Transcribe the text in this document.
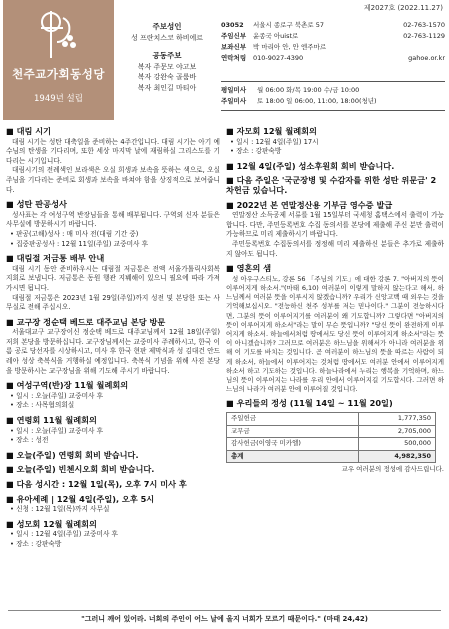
천주교가회동성당
1949년 설립
제2027호 (2022.11.27)
주보성인
성 프란치스코 하비에르
공동주보
복자 주문모 야고보
복자 강완숙 골룸바
복자 최인길 마티아
03052	서울시 종로구 북촌로 57	02-763-1570
주임신부	윤종국 아uist로	02-763-1129
보좌신부	박 마리아 안, 안 엔주마르
연락처링	010-9027-4390	gahoe.or.kr
평일미사	월 06:00 화/목 19:00 수/금 10:00
주일미사	토 18:00 일 06:00, 11:00, 18:00(청년)
■ 대림 시기
대림 시기는 성탄 대축일을 준비하는 4주간입니다. 대림 시기는 아기 예수님의 탄생을 기다리며, 또한 세상 마지막 날에 재림하실 그리스도를 기다리는 시기입니다.
대림시기의 전례색인 보라색은 오실 희생과 보속을 뜻하는 색으로, 오실 주님을 기다리는 준비로 회생과 보속을 바쳐야 함을 상징적으로 보여줍니다.
■ 성탄 판공성사
성사표는 각 여성구역 반장님들을 통해 배부됩니다. 구역외 신자 분들은 사무실에 방문하시기 바랍니다.
• 판공(고해)성사 : 매 미사 전(대림 기간 중)
• 집중판공성사 : 12월 11일(주일) 교중미사 후
■ 대림절 저금통 배부 안내
대림 시기 동안 준비하우시는 대림절 저금통은 전액 서울가톨릭사회복지회로 보냅니다. 저금통은 동원 행관 지붸해이 있으니 필요에 따라 가져가시면 됩니다.
대림절 저금통은 2023년 1월 29일(주일)까지 성전 및 본당한 또는 사무실로 전해 주십시오.
■ 교구장 정순택 베드로 대주교님 본당 방문
서울대교구 교구장이신 정순택 베드로 대주교님께서 12월 18일(주일) 저희 본당을 방문하십니다. 교구장님께서는 교중미사 주례하시고, 한국 이름 공로 당선자를 시상하시고, 미사 후 한국 현판 제막식과 성 김대건 안드레아 성상 축복식을 거행하실 예정입니다. 축복식 기념을 위해 사진 본당을 방문하시는 교구장님을 위해 기도해 주시기 바랍니다.
■ 여성구역(반)장 11월 월례회의
• 일시 : 오늘(주일) 교중미사 후
• 장소 : 사목협의회실
■ 연령회 11월 월례회의
• 일시 : 오늘(주일) 교중미사 후
• 장소 : 성전
■ 오늘(주일) 연령회 회비 받습니다.
■ 오늘(주일) 빈첸시오회 회비 받습니다.
■ 다음 성시간 : 12월 1일(목), 오후 7시 미사 후
■ 유아세례 | 12월 4일(주일), 오후 5시
• 신청 : 12월 1일(목)까지 사무실
■ 성모회 12월 월례회의
• 일시 : 12월 4일(주일) 교중미사 후
• 장소 : 강판숙방
■ 자모회 12월 월례회의
• 일시 : 12월 4일(주일) 17시
• 장소 : 강판숙방
■ 12월 4일(주일) 성소후원회 회비 받습니다.
■ 다음 주일은 '국군장병 및 수감자를 위한 성탄 위문금' 2차헌금 있습니다.
■ 2022년 본 연말정산용 기부금 영수증 발급
연말정산 소득공제 서류를 1월 15일부터 국세청 홈택스에서 출력이 가능합니다. 다만, 주민등록번호 수집 동의서를 본당에 제출해 주신 분만 출력이 가능하므로 미리 제출하시기 바랍니다.
주민등록번호 수집동의서를 정정해 미리 제출하신 분들은 추가로 제출하지 않아도 됩니다.
■ 영혼의 샘
성 아우구스티노, 강론 56 「주님의 기도」에 대한 강론 7. "아버지의 뜻이 이루어지게 하소서."(마태 6,10) 여러분이 이렇게 말하지 않는다고 해서, 하느님께서 여러분 뜻을 이루시지 않겠습니까? 우리가 신앙고백 때 외우는 것을 기억해보십시오. "전능하신 천주 성부를 저는 믿나이다." 그분이 전능하시다면, 그분의 뜻이 이루어지기를 여러분이 왜 기도합니까? 그렇다면 "아버지의 뜻이 이루어지게 하소서"라는 말이 무슨 뜻입니까? "당신 뜻이 완전하게 이루어지게 하소서. 하늘에서처럼 땅에서도 당신 뜻이 이루어지게 하소서"라는 뜻이 아니겠습니까? 그러므로 여러분은 하느님을 위해서가 아니라 여러분을 위해 이 기도를 바치는 것입니다. 곧 여러분이 하느님의 뜻을 따르는 사람이 되게 하소서, 하늘에서 이루어지는 것처럼 땅에서도 여러분 안에서 이루어지게 하소서 하고 기도하는 것입니다. 하늘나라에서 누리는 행복을 기억하며, 하느님의 뜻이 이루어지는 나라를 우리 안에서 이루어지길 기도합시다. 그러면 하느님의 나라가 여러분 안에 이루어질 것입니다.
■ 우리들의 정성 (11월 14일 ~ 11월 20일)
주일헌금	1,777,350
교무금	2,705,000
감사헌금(이영국 미카엘)	500,000
총계	4,982,350
교우 여러분의 정성에 감사드립니다.
"그러니 깨어 있어라. 너희의 주인이 어느 날에 올지 너희가 모르기 때문이다." (마태 24,42)
